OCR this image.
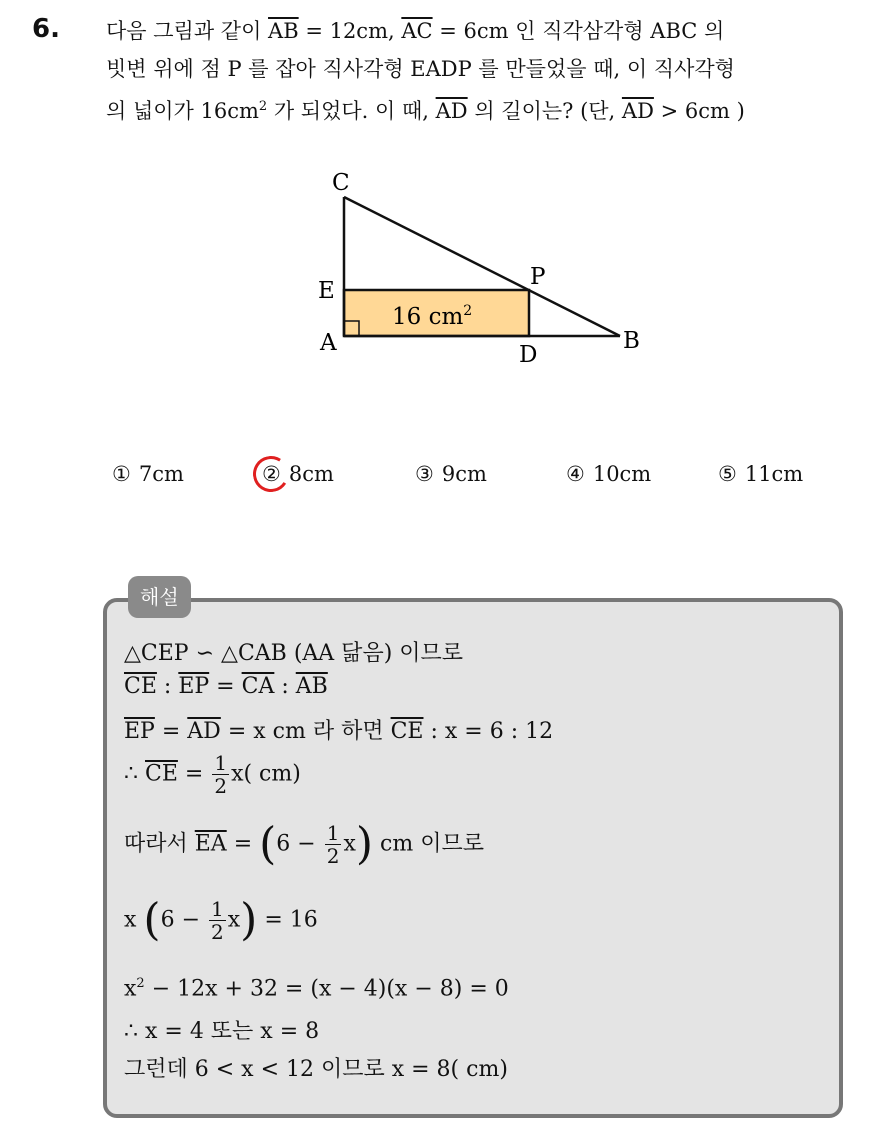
6. 다음 그림과 같이 $\overline{AB} = 12cm$, $\overline{AC} = 6cm$ 인 직각삼각형 ABC 의
빗변 위에 점 P 를 잡아 직사각형 EADP 를 만들었을 때, 이 직사각형
의 넓이가 $16cm^2$ 가 되었다. 이 때, $\overline{AD}$ 의 길이는? (단, $\overline{AD} > 6cm$ )
C
E
A
P
D
B
16 $cm^2$
① 7cm	② 8cm	③ 9cm	④ 10cm	⑤ 11cm
해설
△CEP ∽ △CAB (AA 닮음) 이므로
$\overline{CE}$ : $\overline{EP} = \overline{CA}$ : $\overline{AB}$
$\overline{EP} = \overline{AD} = x$ cm 라 하면 $\overline{CE}$ : x = 6 : 12
∴ $\overline{CE} = \frac{1}{2} x$( cm)
따라서 $\overline{EA} = (6 - \frac{1}{2} x)$ cm 이므로
x $(6 - \frac{1}{2} x) = 16$
$x^2 - 12x + 32 = (x - 4)(x - 8) = 0$
∴ x = 4 또는 x = 8
그런데 6 < x < 12 이므로 x = 8( cm)
